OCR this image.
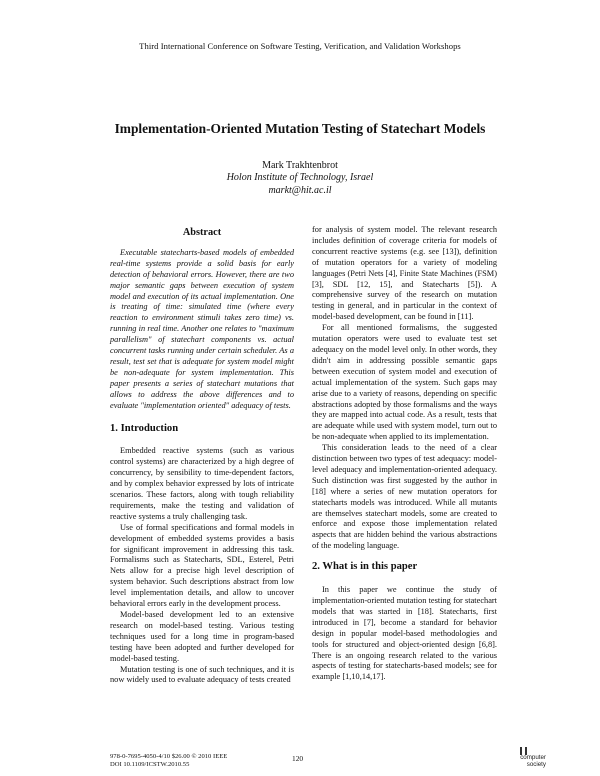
Third International Conference on Software Testing, Verification, and Validation Workshops
Implementation-Oriented Mutation Testing of Statechart Models
Mark Trakhtenbrot
Holon Institute of Technology, Israel
markt@hit.ac.il
Abstract

Executable statecharts-based models of embedded real-time systems provide a solid basis for early detection of behavioral errors. However, there are two major semantic gaps between execution of system model and execution of its actual implementation. One is treating of time: simulated time (where every reaction to environment stimuli takes zero time) vs. running in real time. Another one relates to "maximum parallelism" of statechart components vs. actual concurrent tasks running under certain scheduler. As a result, test set that is adequate for system model might be non-adequate for system implementation. This paper presents a series of statechart mutations that allows to address the above differences and to evaluate "implementation oriented" adequacy of tests.

1. Introduction

Embedded reactive systems (such as various control systems) are characterized by a high degree of concurrency, by sensibility to time-dependent factors, and by complex behavior expressed by lots of intricate scenarios. These factors, along with tough reliability requirements, make the testing and validation of reactive systems a truly challenging task.

Use of formal specifications and formal models in development of embedded systems provides a basis for significant improvement in addressing this task. Formalisms such as Statecharts, SDL, Esterel, Petri Nets allow for a precise high level description of system behavior. Such descriptions abstract from low level implementation details, and allow to uncover behavioral errors early in the development process.

Model-based development led to an extensive research on model-based testing. Various testing techniques used for a long time in program-based testing have been adopted and further developed for model-based testing.

Mutation testing is one of such techniques, and it is now widely used to evaluate adequacy of tests created

for analysis of system model. The relevant research includes definition of coverage criteria for models of concurrent reactive systems (e.g. see [13]), definition of mutation operators for a variety of modeling languages (Petri Nets [4], Finite State Machines (FSM) [3], SDL [12, 15], and Statecharts [5]). A comprehensive survey of the research on mutation testing in general, and in particular in the context of model-based development, can be found in [11].

For all mentioned formalisms, the suggested mutation operators were used to evaluate test set adequacy on the model level only. In other words, they didn't aim in addressing possible semantic gaps between execution of system model and execution of actual implementation of the system. Such gaps may arise due to a variety of reasons, depending on specific abstractions adopted by those formalisms and the ways they are mapped into actual code. As a result, tests that are adequate while used with system model, turn out to be non-adequate when applied to its implementation.

This consideration leads to the need of a clear distinction between two types of test adequacy: model-level adequacy and implementation-oriented adequacy. Such distinction was first suggested by the author in [18] where a series of new mutation operators for statecharts models was introduced. While all mutants are themselves statechart models, some are created to enforce and expose those implementation related aspects that are hidden behind the various abstractions of the modeling language.

2. What is in this paper

In this paper we continue the study of implementation-oriented mutation testing for statechart models that was started in [18]. Statecharts, first introduced in [7], become a standard for behavior design in popular model-based methodologies and tools for structured and object-oriented design [6,8]. There is an ongoing research related to the various aspects of testing for statecharts-based models; see for example [1,10,14,17].

978-0-7695-4050-4/10 $26.00 © 2010 IEEE
DOI 10.1109/ICSTW.2010.55
120	computer
society
